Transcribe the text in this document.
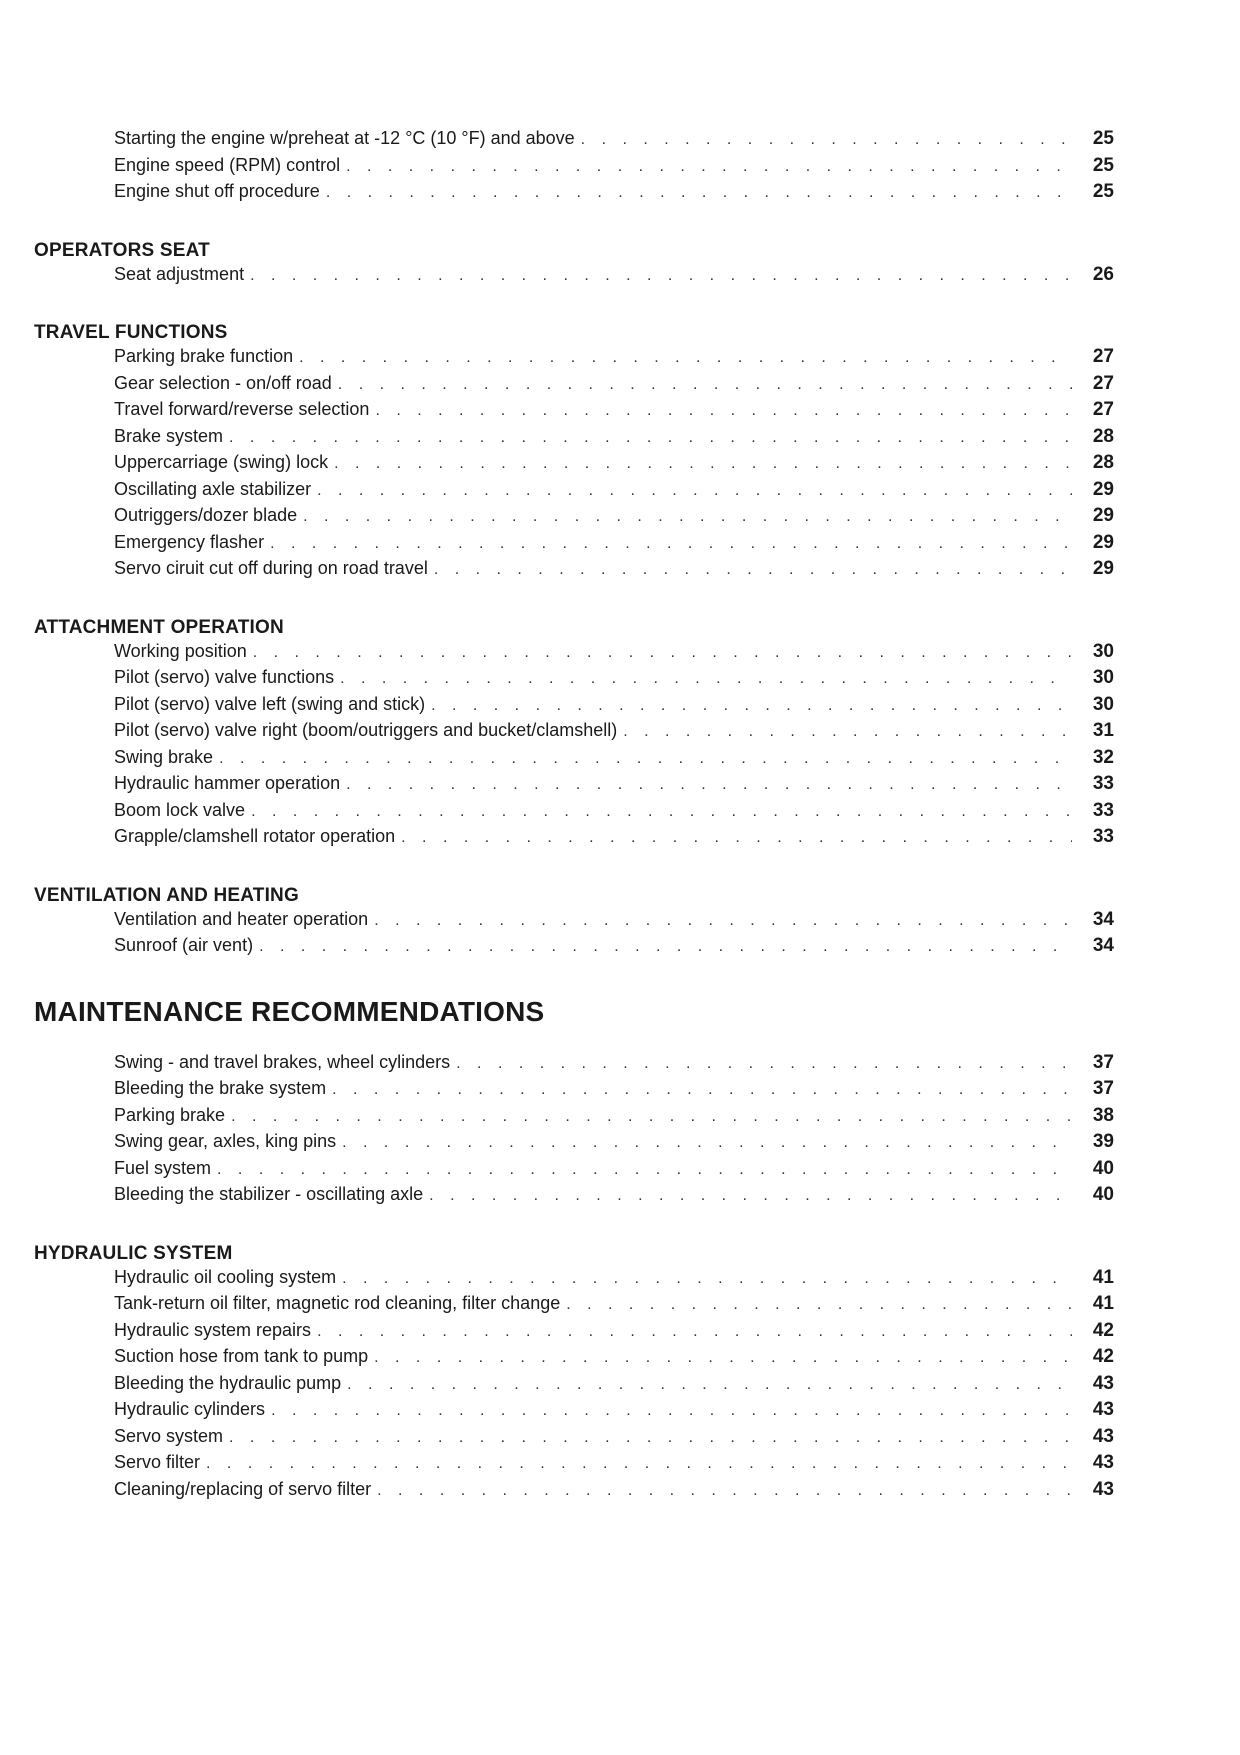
Starting the engine w/preheat at -12 °C (10 °F) and above . . .	25
Engine speed (RPM) control . . .	25
Engine shut off procedure . . .	25
OPERATORS SEAT
Seat adjustment . . .	26
TRAVEL FUNCTIONS
Parking brake function . . .	27
Gear selection - on/off road . . .	27
Travel forward/reverse selection . . .	27
Brake system . . .	28
Uppercarriage (swing) lock . . .	28
Oscillating axle stabilizer . . .	29
Outriggers/dozer blade . . .	29
Emergency flasher . . .	29
Servo ciruit cut off during on road travel . . .	29
ATTACHMENT OPERATION
Working position . . .	30
Pilot (servo) valve functions . . .	30
Pilot (servo) valve left (swing and stick) . . .	30
Pilot (servo) valve right (boom/outriggers and bucket/clamshell) . . .	31
Swing brake . . .	32
Hydraulic hammer operation . . .	33
Boom lock valve . . .	33
Grapple/clamshell rotator operation . . .	33
VENTILATION AND HEATING
Ventilation and heater operation . . .	34
Sunroof (air vent) . . .	34
MAINTENANCE RECOMMENDATIONS
Swing - and travel brakes, wheel cylinders . . .	37
Bleeding the brake system . . .	37
Parking brake . . .	38
Swing gear, axles, king pins . . .	39
Fuel system . . .	40
Bleeding the stabilizer - oscillating axle . . .	40
HYDRAULIC SYSTEM
Hydraulic oil cooling system . . .	41
Tank-return oil filter, magnetic rod cleaning, filter change . . .	41
Hydraulic system repairs . . .	42
Suction hose from tank to pump . . .	42
Bleeding the hydraulic pump . . .	43
Hydraulic cylinders . . .	43
Servo system . . .	43
Servo filter . . .	43
Cleaning/replacing of servo filter . . .	43
